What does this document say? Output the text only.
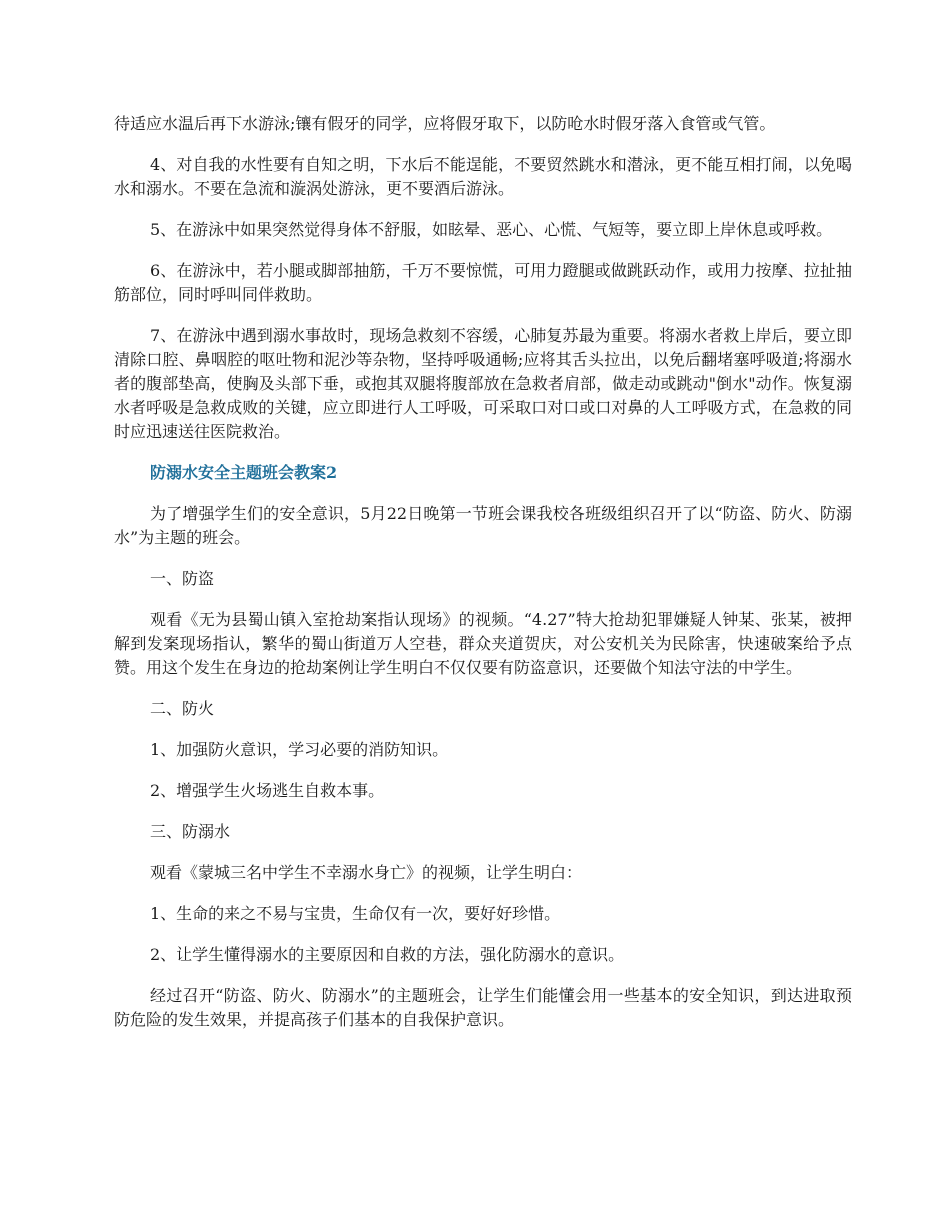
待适应水温后再下水游泳;镶有假牙的同学，应将假牙取下，以防呛水时假牙落入食管或气管。

4、对自我的水性要有自知之明，下水后不能逞能，不要贸然跳水和潜泳，更不能互相打闹，以免喝水和溺水。不要在急流和漩涡处游泳，更不要酒后游泳。

5、在游泳中如果突然觉得身体不舒服，如眩晕、恶心、心慌、气短等，要立即上岸休息或呼救。

6、在游泳中，若小腿或脚部抽筋，千万不要惊慌，可用力蹬腿或做跳跃动作，或用力按摩、拉扯抽筋部位，同时呼叫同伴救助。

7、在游泳中遇到溺水事故时，现场急救刻不容缓，心肺复苏最为重要。将溺水者救上岸后，要立即清除口腔、鼻咽腔的呕吐物和泥沙等杂物，坚持呼吸通畅;应将其舌头拉出，以免后翻堵塞呼吸道;将溺水者的腹部垫高，使胸及头部下垂，或抱其双腿将腹部放在急救者肩部，做走动或跳动"倒水"动作。恢复溺水者呼吸是急救成败的关键，应立即进行人工呼吸，可采取口对口或口对鼻的人工呼吸方式，在急救的同时应迅速送往医院救治。

防溺水安全主题班会教案2

为了增强学生们的安全意识，5月22日晚第一节班会课我校各班级组织召开了以“防盗、防火、防溺水”为主题的班会。

一、防盗

观看《无为县蜀山镇入室抢劫案指认现场》的视频。“4.27”特大抢劫犯罪嫌疑人钟某、张某，被押解到发案现场指认，繁华的蜀山街道万人空巷，群众夹道贺庆，对公安机关为民除害，快速破案给予点赞。用这个发生在身边的抢劫案例让学生明白不仅仅要有防盗意识，还要做个知法守法的中学生。

二、防火

1、加强防火意识，学习必要的消防知识。

2、增强学生火场逃生自救本事。

三、防溺水

观看《蒙城三名中学生不幸溺水身亡》的视频，让学生明白：

1、生命的来之不易与宝贵，生命仅有一次，要好好珍惜。

2、让学生懂得溺水的主要原因和自救的方法，强化防溺水的意识。

经过召开“防盗、防火、防溺水”的主题班会，让学生们能懂会用一些基本的安全知识，到达进取预防危险的发生效果，并提高孩子们基本的自我保护意识。
